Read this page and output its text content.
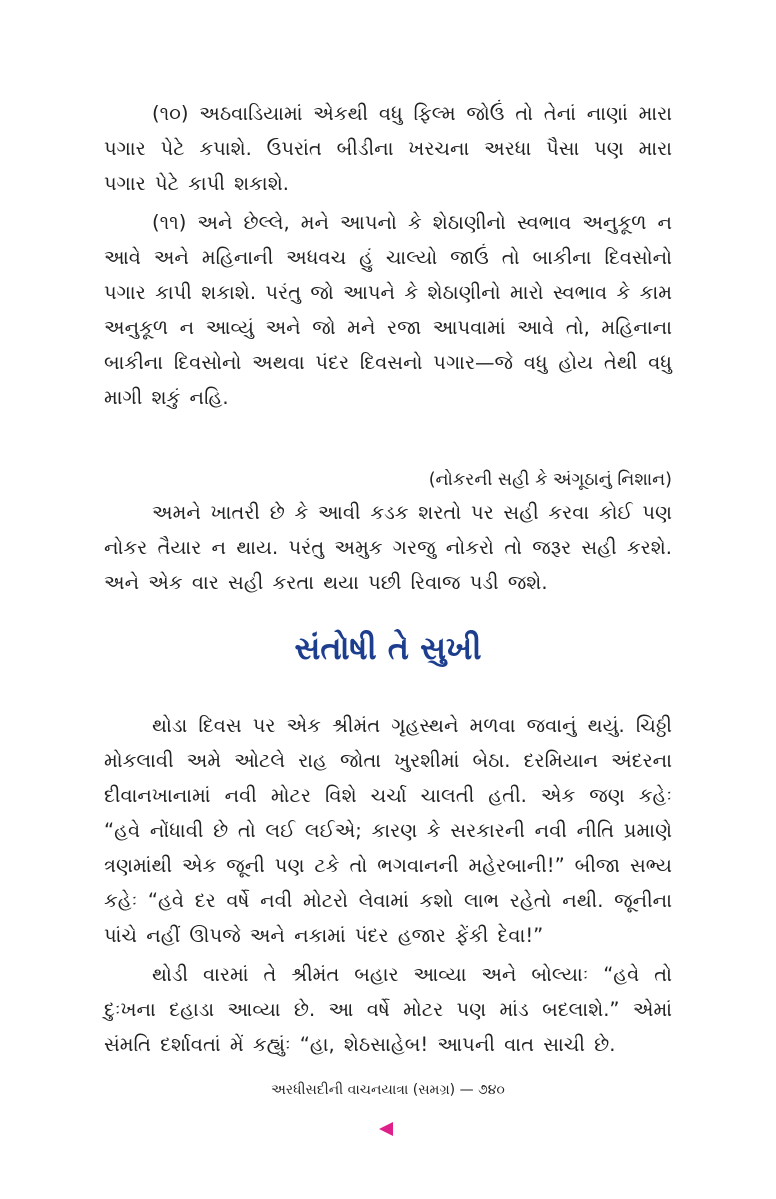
(૧૦) અઠવાડિયામાં એકથી વધુ ફિલ્મ જોઉં તો તેનાં નાણાં મારા પગાર પેટે કપાશે. ઉપરાંત બીડીના ખરચના અરધા પૈસા પણ મારા પગાર પેટે કાપી શકાશે.

(૧૧) અને છેલ્લે, મને આપનો કે શેઠાણીનો સ્વભાવ અનુકૂળ ન આવે અને મહિનાની અધવચ હું ચાલ્યો જાઉં તો બાકીના દિવસોનો પગાર કાપી શકાશે. પરંતુ જો આપને કે શેઠાણીનો મારો સ્વભાવ કે કામ અનુકૂળ ન આવ્યું અને જો મને રજા આપવામાં આવે તો, મહિનાના બાકીના દિવસોનો અથવા પંદર દિવસનો પગાર—જે વધુ હોય તેથી વધુ માગી શકું નહિ.

(નોકરની સહી કે અંગૂઠાનું નિશાન)

અમને ખાતરી છે કે આવી કડક શરતો પર સહી કરવા કોઈ પણ નોકર તૈયાર ન થાય. પરંતુ અમુક ગરજુ નોકરો તો જરૂર સહી કરશે. અને એક વાર સહી કરતા થયા પછી રિવાજ પડી જશે.

સંતોષી તે સુખી

થોડા દિવસ પર એક શ્રીમંત ગૃહસ્થને મળવા જવાનું થયું. ચિઠ્ઠી મોકલાવી અમે ઓટલે રાહ જોતા ખુરશીમાં બેઠા. દરમિયાન અંદરના દીવાનખાનામાં નવી મોટર વિશે ચર્ચા ચાલતી હતી. એક જણ કહેઃ “હવે નોંધાવી છે તો લઈ લઈએ; કારણ કે સરકારની નવી નીતિ પ્રમાણે ત્રણમાંથી એક જૂની પણ ટકે તો ભગવાનની મહેરબાની!” બીજા સભ્ય કહેઃ “હવે દર વર્ષે નવી મોટરો લેવામાં કશો લાભ રહેતો નથી. જૂનીના પાંચે નહીં ઊપજે અને નકામાં પંદર હજાર ફેંકી દેવા!”

થોડી વારમાં તે શ્રીમંત બહાર આવ્યા અને બોલ્યાઃ “હવે તો દુઃખના દહાડા આવ્યા છે. આ વર્ષે મોટર પણ માંડ બદલાશે.” એમાં સંમતિ દર્શાવતાં મેં કહ્યુંઃ “હા, શેઠસાહેબ! આપની વાત સાચી છે.

અરધીસદીની વાચનયાત્રા (સમગ્ર) — ૭૪૦
